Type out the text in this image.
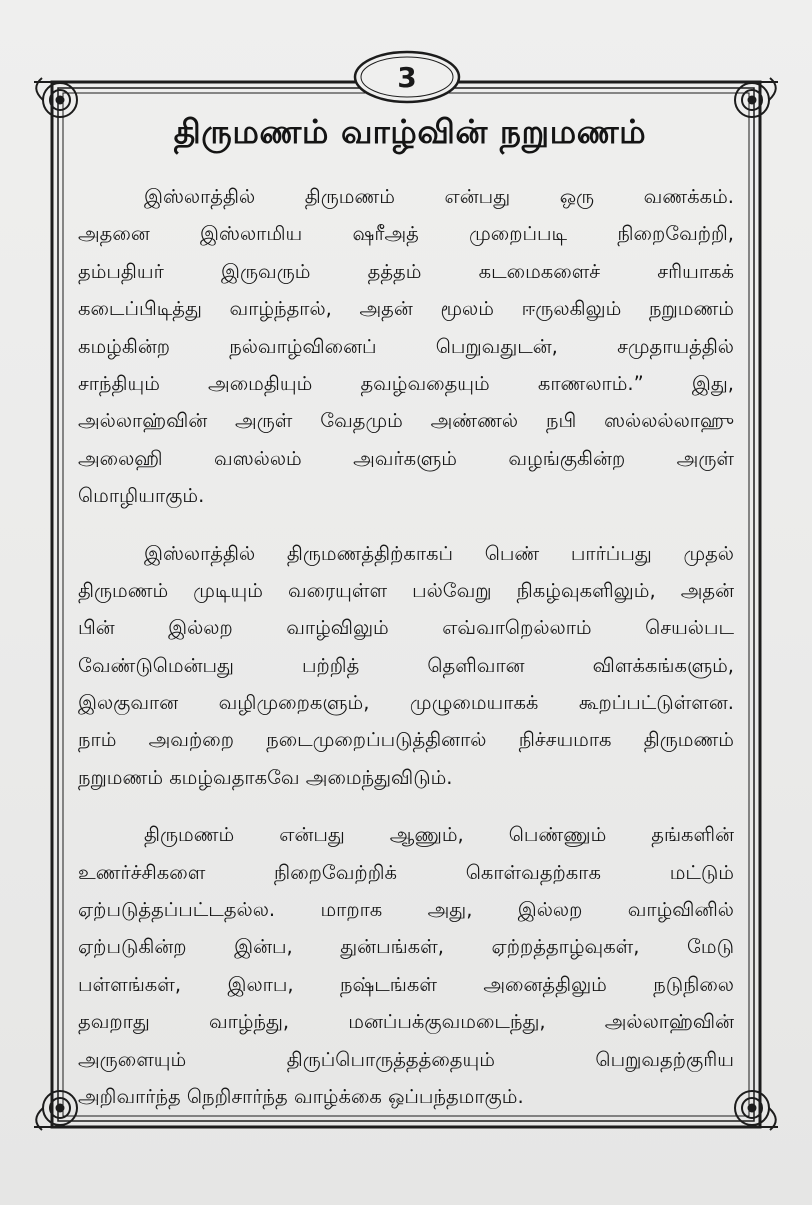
3
திருமணம் வாழ்வின் நறுமணம்
இஸ்லாத்தில் திருமணம் என்பது ஒரு வணக்கம்.
அதனை இஸ்லாமிய ஷரீஅத் முறைப்படி நிறைவேற்றி,
தம்பதியர் இருவரும் தத்தம் கடமைகளைச் சரியாகக்
கடைப்பிடித்து வாழ்ந்தால், அதன் மூலம் ஈருலகிலும் நறுமணம்
கமழ்கின்ற நல்வாழ்வினைப் பெறுவதுடன், சமுதாயத்தில்
சாந்தியும் அமைதியும் தவழ்வதையும் காணலாம்.” இது,
அல்லாஹ்வின் அருள் வேதமும் அண்ணல் நபி ஸல்லல்லாஹு
அலைஹி வஸல்லம் அவர்களும் வழங்குகின்ற அருள்
மொழியாகும்.
இஸ்லாத்தில் திருமணத்திற்காகப் பெண் பார்ப்பது முதல்
திருமணம் முடியும் வரையுள்ள பல்வேறு நிகழ்வுகளிலும், அதன்
பின் இல்லற வாழ்விலும் எவ்வாறெல்லாம் செயல்பட
வேண்டுமென்பது பற்றித் தெளிவான விளக்கங்களும்,
இலகுவான வழிமுறைகளும், முழுமையாகக் கூறப்பட்டுள்ளன.
நாம் அவற்றை நடைமுறைப்படுத்தினால் நிச்சயமாக திருமணம்
நறுமணம் கமழ்வதாகவே அமைந்துவிடும்.
திருமணம் என்பது ஆணும், பெண்ணும் தங்களின்
உணர்ச்சிகளை நிறைவேற்றிக் கொள்வதற்காக மட்டும்
ஏற்படுத்தப்பட்டதல்ல. மாறாக அது, இல்லற வாழ்வினில்
ஏற்படுகின்ற இன்ப, துன்பங்கள், ஏற்றத்தாழ்வுகள், மேடு
பள்ளங்கள், இலாப, நஷ்டங்கள் அனைத்திலும் நடுநிலை
தவறாது வாழ்ந்து, மனப்பக்குவமடைந்து, அல்லாஹ்வின்
அருளையும் திருப்பொருத்தத்தையும் பெறுவதற்குரிய
அறிவார்ந்த நெறிசார்ந்த வாழ்க்கை ஒப்பந்தமாகும்.
